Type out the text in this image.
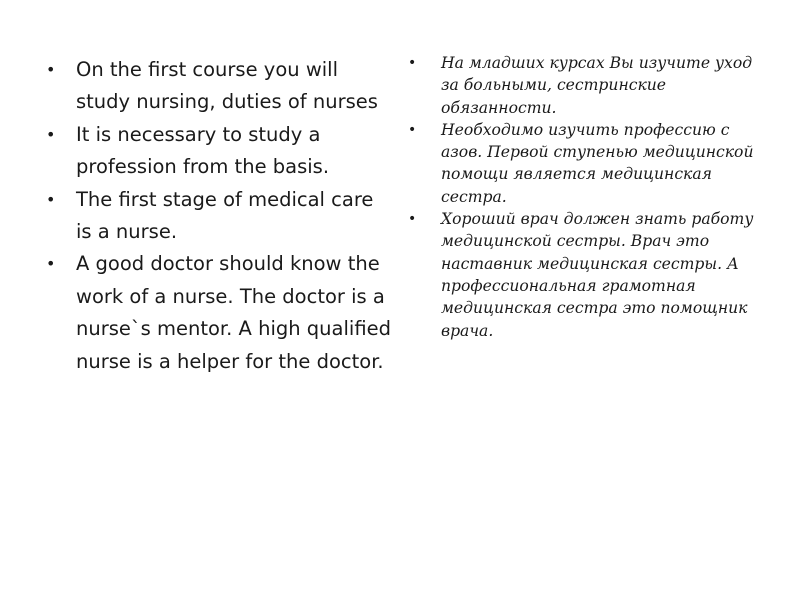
• On the first course you will study nursing, duties of nurses
• It is necessary to study a profession from the basis.
• The first stage of medical care is a nurse.
• A good doctor should know the work of a nurse. The doctor is a nurse`s mentor. A high qualified nurse is a helper for the doctor.
• На младших курсах Вы изучите уход за больными, сестринские обязанности.
• Необходимо изучить профессию с азов. Первой ступенью медицинской помощи является медицинская сестра.
• Хороший врач должен знать работу медицинской сестры. Врач это наставник медицинская сестры. А профессиональная грамотная медицинская сестра это помощник врача.
